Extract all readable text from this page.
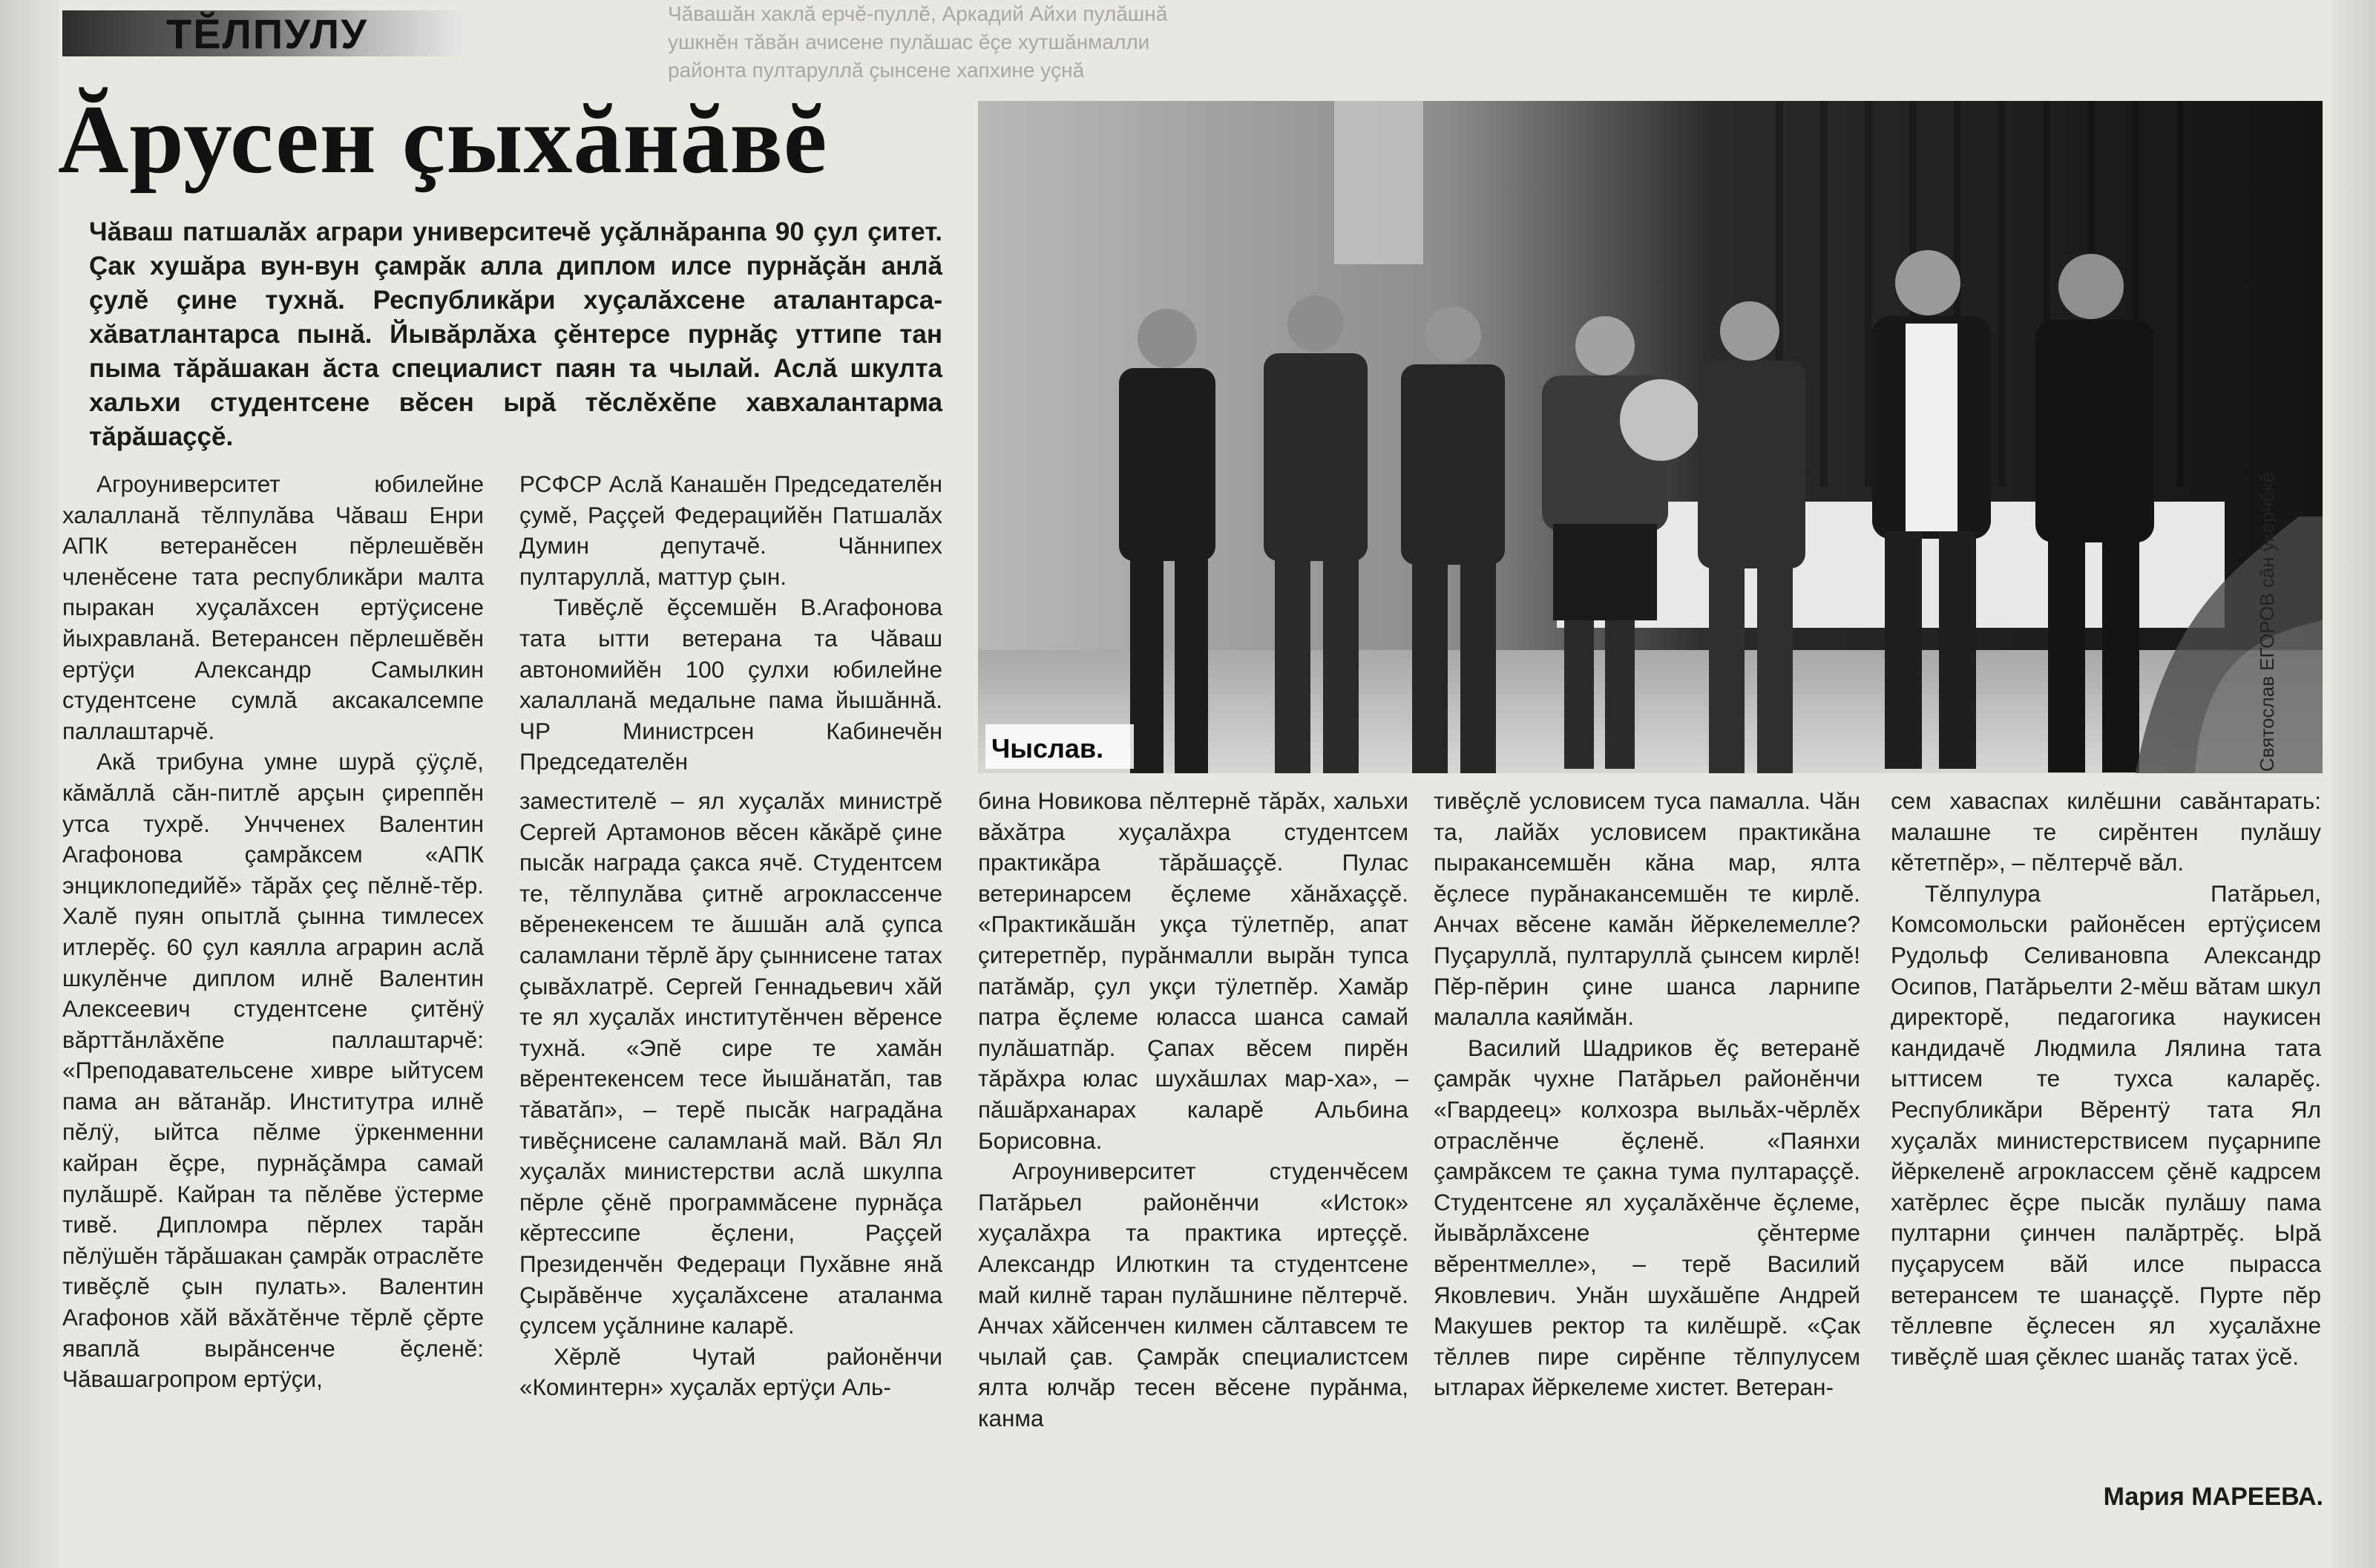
ТĔЛПУЛУ
Ăрусен çыхăнăвĕ
Чăваш патшалăх аграри университечĕ уçăлнăранпа 90 çул çитет. Çак хушăра вун-вун çамрăк алла диплом илсе пурнăçăн анлă çулĕ çине тухнă. Республикăри хуçалăхсене аталантарса-хăватлантарса пынă. Йывăрлăха çĕнтерсе пурнăç уттипе тан пыма тăрăшакан ăста специалист паян та чылай. Аслă шкулта хальхи студентсене вĕсен ырă тĕслĕхĕпе хавхалантарма тăрăшаççĕ.
Чыслав.	Святослав ЕГОРОВ сăн ÿкерчĕкĕ

Агроуниверситет юбилейне халалланă тĕлпулăва Чăваш Енри АПК ветеранĕсен пĕрлешĕвĕн членĕсене тата республикăри малта пыракан хуçалăхсен ертÿçисене йыхравланă. Ветерансен пĕрлешĕвĕн ертÿçи Александр Самылкин студентсене сумлă аксакалсемпе паллаштарчĕ.

Акă трибуна умне шурă çÿçлĕ, кăмăллă сăн-питлĕ арçын çиреппĕн утса тухрĕ. Унчченех Валентин Агафонова çамрăксем «АПК энциклопедийĕ» тăрăх çеç пĕлнĕ-тĕр. Халĕ пуян опытлă çынна тимлесех итлерĕç. 60 çул каялла аграрин аслă шкулĕнче диплом илнĕ Валентин Алексеевич студентсене çитĕнÿ вăрттăнлăхĕпе паллаштарчĕ: «Преподавательсене хивре ыйтусем пама ан вăтанăр. Институтра илнĕ пĕлÿ, ыйтса пĕлме ÿркенменни кайран ĕçре, пурнăçăмра самай пулăшрĕ. Кайран та пĕлĕве ÿстерме тивĕ. Дипломра пĕрлех тарăн пĕлÿшĕн тăрăшакан çамрăк отраслĕте тивĕçлĕ çын пулать». Валентин Агафонов хăй вăхăтĕнче тĕрлĕ çĕрте яваплă вырăнсенче ĕçленĕ: Чăвашагропром ертÿçи,

РСФСР Аслă Канашĕн Председателĕн çумĕ, Раççей Федерацийĕн Патшалăх Думин депутачĕ. Чăннипех пултаруллă, маттур çын.

Тивĕçлĕ ĕçсемшĕн В.Агафонова тата ытти ветерана та Чăваш автономийĕн 100 çулхи юбилейне халалланă медальне пама йышăннă. ЧР Министрсен Кабинечĕн Председателĕн

заместителĕ – ял хуçалăх министрĕ Сергей Артамонов вĕсен кăкăрĕ çине пысăк награда çакса ячĕ. Студентсем те, тĕлпулăва çитнĕ агроклассенче вĕренекенсем те ăшшăн алă çупса саламлани тĕрлĕ ăру çыннисене татах çывăхлатрĕ. Сергей Геннадьевич хăй те ял хуçалăх институтĕнчен вĕренсе тухнă. «Эпĕ сире те хамăн вĕрентекенсем тесе йышăнатăп, тав тăватăп», – терĕ пысăк наградăна тивĕçнисене саламланă май. Вăл Ял хуçалăх министерстви аслă шкулпа пĕрле çĕнĕ программăсене пурнăçа кĕртессипе ĕçлени, Раççей Президенчĕн Федераци Пухăвне янă Çырăвĕнче хуçалăхсене аталанма çулсем уçăлнине каларĕ.

Хĕрлĕ Чутай районĕнчи «Коминтерн» хуçалăх ертÿçи Аль-

бина Новикова пĕлтернĕ тăрăх, хальхи вăхăтра хуçалăхра студентсем практикăра тăрăшаççĕ. Пулас ветеринарсем ĕçлеме хăнăхаççĕ. «Практикăшăн укça тÿлетпĕр, апат çитеретпĕр, пурăнмалли вырăн тупса патăмăр, çул укçи тÿлетпĕр. Хамăр патра ĕçлеме юласса шанса самай пулăшатпăр. Çапах вĕсем пирĕн тăрăхра юлас шухăшлах мар-ха», – пăшăрханарах каларĕ Альбина Борисовна.

Агроуниверситет студенчĕсем Патăрьел районĕнчи «Исток» хуçалăхра та практика иртеççĕ. Александр Илюткин та студентсене май килнĕ таран пулăшнине пĕлтерчĕ. Анчах хăйсенчен килмен сăлтавсем те чылай çав. Çамрăк специалистсем ялта юлчăр тесен вĕсене пурăнма, канма

тивĕçлĕ условисем туса памалла. Чăн та, лайăх условисем практикăна пыракансемшĕн кăна мар, ялта ĕçлесе пурăнакансемшĕн те кирлĕ. Анчах вĕсене камăн йĕркелемелле? Пуçаруллă, пултаруллă çынсем кирлĕ! Пĕр-пĕрин çине шанса ларнипе малалла каяймăн.

Василий Шадриков ĕç ветеранĕ çамрăк чухне Патăрьел районĕнчи «Гвардеец» колхозра выльăх-чĕрлĕх отраслĕнче ĕçленĕ. «Паянхи çамрăксем те çакна тума пултараççĕ. Студентсене ял хуçалăхĕнче ĕçлеме, йывăрлăхсене çĕнтерме вĕрентмелле», – терĕ Василий Яковлевич. Унăн шухăшĕпе Андрей Макушев ректор та килĕшрĕ. «Çак тĕллев пире сирĕнпе тĕлпулусем ытларах йĕркелеме хистет. Ветеран-

сем хавaспах килĕшни савăнтарать: малашне те сирĕнтен пулăшу кĕтетпĕр», – пĕлтерчĕ вăл.

Тĕлпулура Патăрьел, Комсомольски районĕсен ертÿçисем Рудольф Селивановпа Александр Осипов, Патăрьелти 2-мĕш вăтам шкул директорĕ, педагогика наукисен кандидачĕ Людмила Лялина тата ыттисем те тухса каларĕç. Республикăри Вĕрентÿ тата Ял хуçалăх министерствисем пуçарнипе йĕркеленĕ агроклассем çĕнĕ кадрсем хатĕрлес ĕçре пысăк пулăшу пама пултарни çинчен палăртрĕç. Ырă пуçарусем вăй илсе пырасса ветерансем те шанаççĕ. Пурте пĕр тĕллевпе ĕçлесен ял хуçалăхне тивĕçлĕ шая çĕклес шанăç татах ÿсĕ.

Мария МАРЕЕВА.
Чăвашăн хаклă ерчĕ-пуллĕ, Аркадий Айхи пулăшнă
ушкнĕн тăвăн ачисене пулăшас ĕçе хутшăнмалли
районта пултаруллă çынсене хапхине уçнă
